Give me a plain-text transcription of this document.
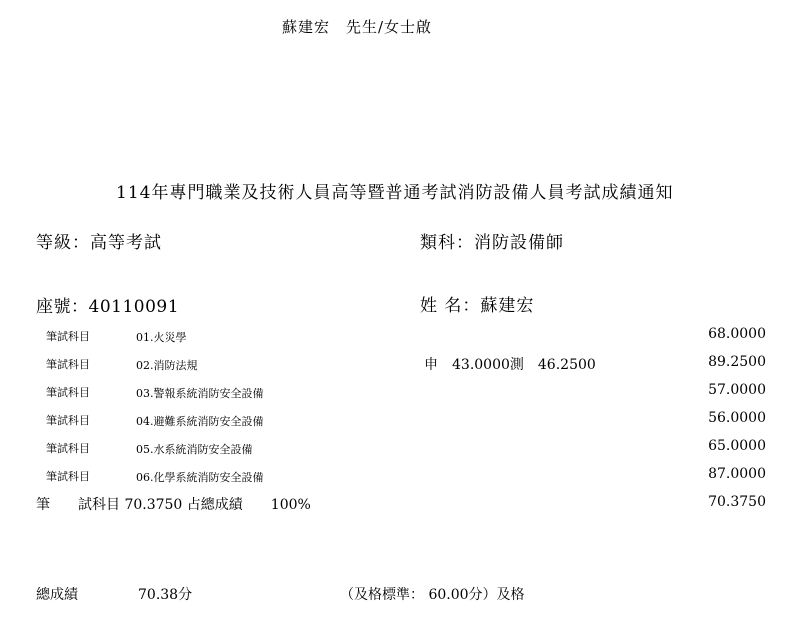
蘇建宏　先生/女士啟
114年專門職業及技術人員高等暨普通考試消防設備人員考試成績通知
等級：高等考試	類科：消防設備師
座號：40110091	姓 名：蘇建宏
筆試科目	01.火災學	68.0000
筆試科目	02.消防法規	申　43.0000測　46.2500	89.2500
筆試科目	03.警報系統消防安全設備	57.0000
筆試科目	04.避難系統消防安全設備	56.0000
筆試科目	05.水系統消防安全設備	65.0000
筆試科目	06.化學系統消防安全設備	87.0000
筆　　試科目 70.3750 占總成績　　100%	70.3750
總成績	70.38分	（及格標準： 60.00分）及格
